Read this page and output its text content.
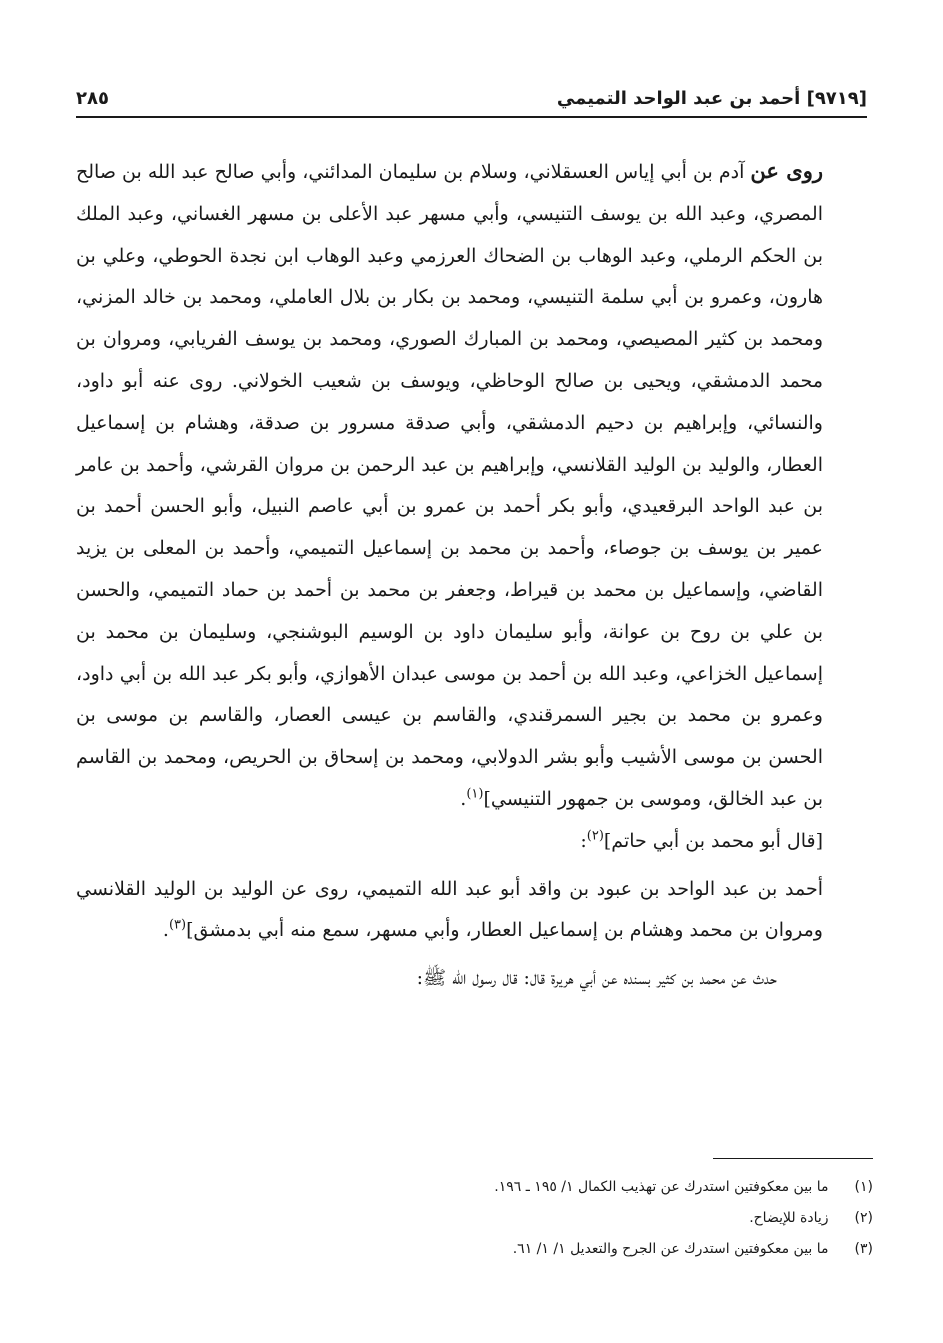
[٩٧١٩] أحمد بن عبد الواحد التميمي
٢٨٥

روى عن آدم بن أبي إياس العسقلاني، وسلام بن سليمان المدائني، وأبي صالح عبد الله بن صالح المصري، وعبد الله بن يوسف التنيسي، وأبي مسهر عبد الأعلى بن مسهر الغساني، وعبد الملك بن الحكم الرملي، وعبد الوهاب بن الضحاك العرزمي وعبد الوهاب ابن نجدة الحوطي، وعلي بن هارون، وعمرو بن أبي سلمة التنيسي، ومحمد بن بكار بن بلال العاملي، ومحمد بن خالد المزني، ومحمد بن كثير المصيصي، ومحمد بن المبارك الصوري، ومحمد بن يوسف الفريابي، ومروان بن محمد الدمشقي، ويحيى بن صالح الوحاظي، ويوسف بن شعيب الخولاني. روى عنه أبو داود، والنسائي، وإبراهيم بن دحيم الدمشقي، وأبي صدقة مسرور بن صدقة، وهشام بن إسماعيل العطار، والوليد بن الوليد القلانسي، وإبراهيم بن عبد الرحمن بن مروان القرشي، وأحمد بن عامر بن عبد الواحد البرقعيدي، وأبو بكر أحمد بن عمرو بن أبي عاصم النبيل، وأبو الحسن أحمد بن عمير بن يوسف بن جوصاء، وأحمد بن محمد بن إسماعيل التميمي، وأحمد بن المعلى بن يزيد القاضي، وإسماعيل بن محمد بن قيراط، وجعفر بن محمد بن أحمد بن حماد التميمي، والحسن بن علي بن روح بن عوانة، وأبو سليمان داود بن الوسيم البوشنجي، وسليمان بن محمد بن إسماعيل الخزاعي، وعبد الله بن أحمد بن موسى عبدان الأهوازي، وأبو بكر عبد الله بن أبي داود، وعمرو بن محمد بن بجير السمرقندي، والقاسم بن عيسى العصار، والقاسم بن موسى بن الحسن بن موسى الأشيب وأبو بشر الدولابي، ومحمد بن إسحاق بن الحريص، ومحمد بن القاسم بن عبد الخالق، وموسى بن جمهور التنيسي]$^{(١)}$.

[قال أبو محمد بن أبي حاتم]$^{(٢)}$:

أحمد بن عبد الواحد بن عبود بن واقد أبو عبد الله التميمي، روى عن الوليد بن الوليد القلانسي ومروان بن محمد وهشام بن إسماعيل العطار، وأبي مسهر، سمع منه أبي بدمشق]$^{(٣)}$.

حدث عن محمد بن كثير بسنده عن أبي هريرة قال: قال رسول الله ﷺ:

(١) ما بين معكوفتين استدرك عن تهذيب الكمال ١/ ١٩٥ ـ ١٩٦.
(٢) زيادة للإيضاح.
(٣) ما بين معكوفتين استدرك عن الجرح والتعديل ١/ ١/ ٦١.
